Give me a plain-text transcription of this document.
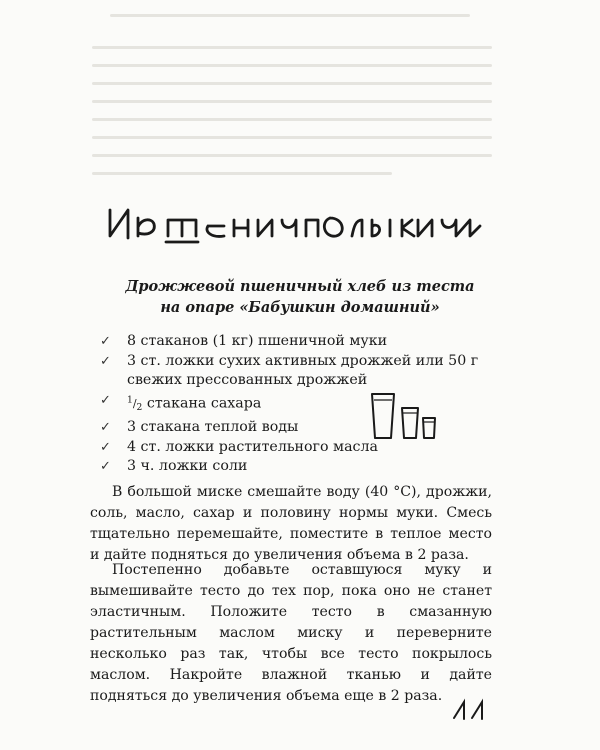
Дрожжевой пшеничный хлеб из теста
на опаре «Бабушкин домашний»
✓ 8 стаканов (1 кг) пшеничной муки
✓ 3 ст. ложки сухих активных дрожжей или 50 г свежих прессованных дрожжей
✓ $^1/_2$ стакана сахара
✓ 3 стакана теплой воды
✓ 4 ст. ложки растительного масла
✓ 3 ч. ложки соли

В большой миске смешайте воду (40 °С), дрожжи, соль, масло, сахар и половину нормы муки. Смесь тщательно перемешайте, поместите в теплое место и дайте подняться до увеличения объема в 2 раза.

Постепенно добавьте оставшуюся муку и вымешивайте тесто до тех пор, пока оно не станет эластичным. Положите тесто в смазанную растительным маслом миску и переверните несколько раз так, чтобы все тесто покрылось маслом. Накройте влажной тканью и дайте подняться до увеличения объема еще в 2 раза.
